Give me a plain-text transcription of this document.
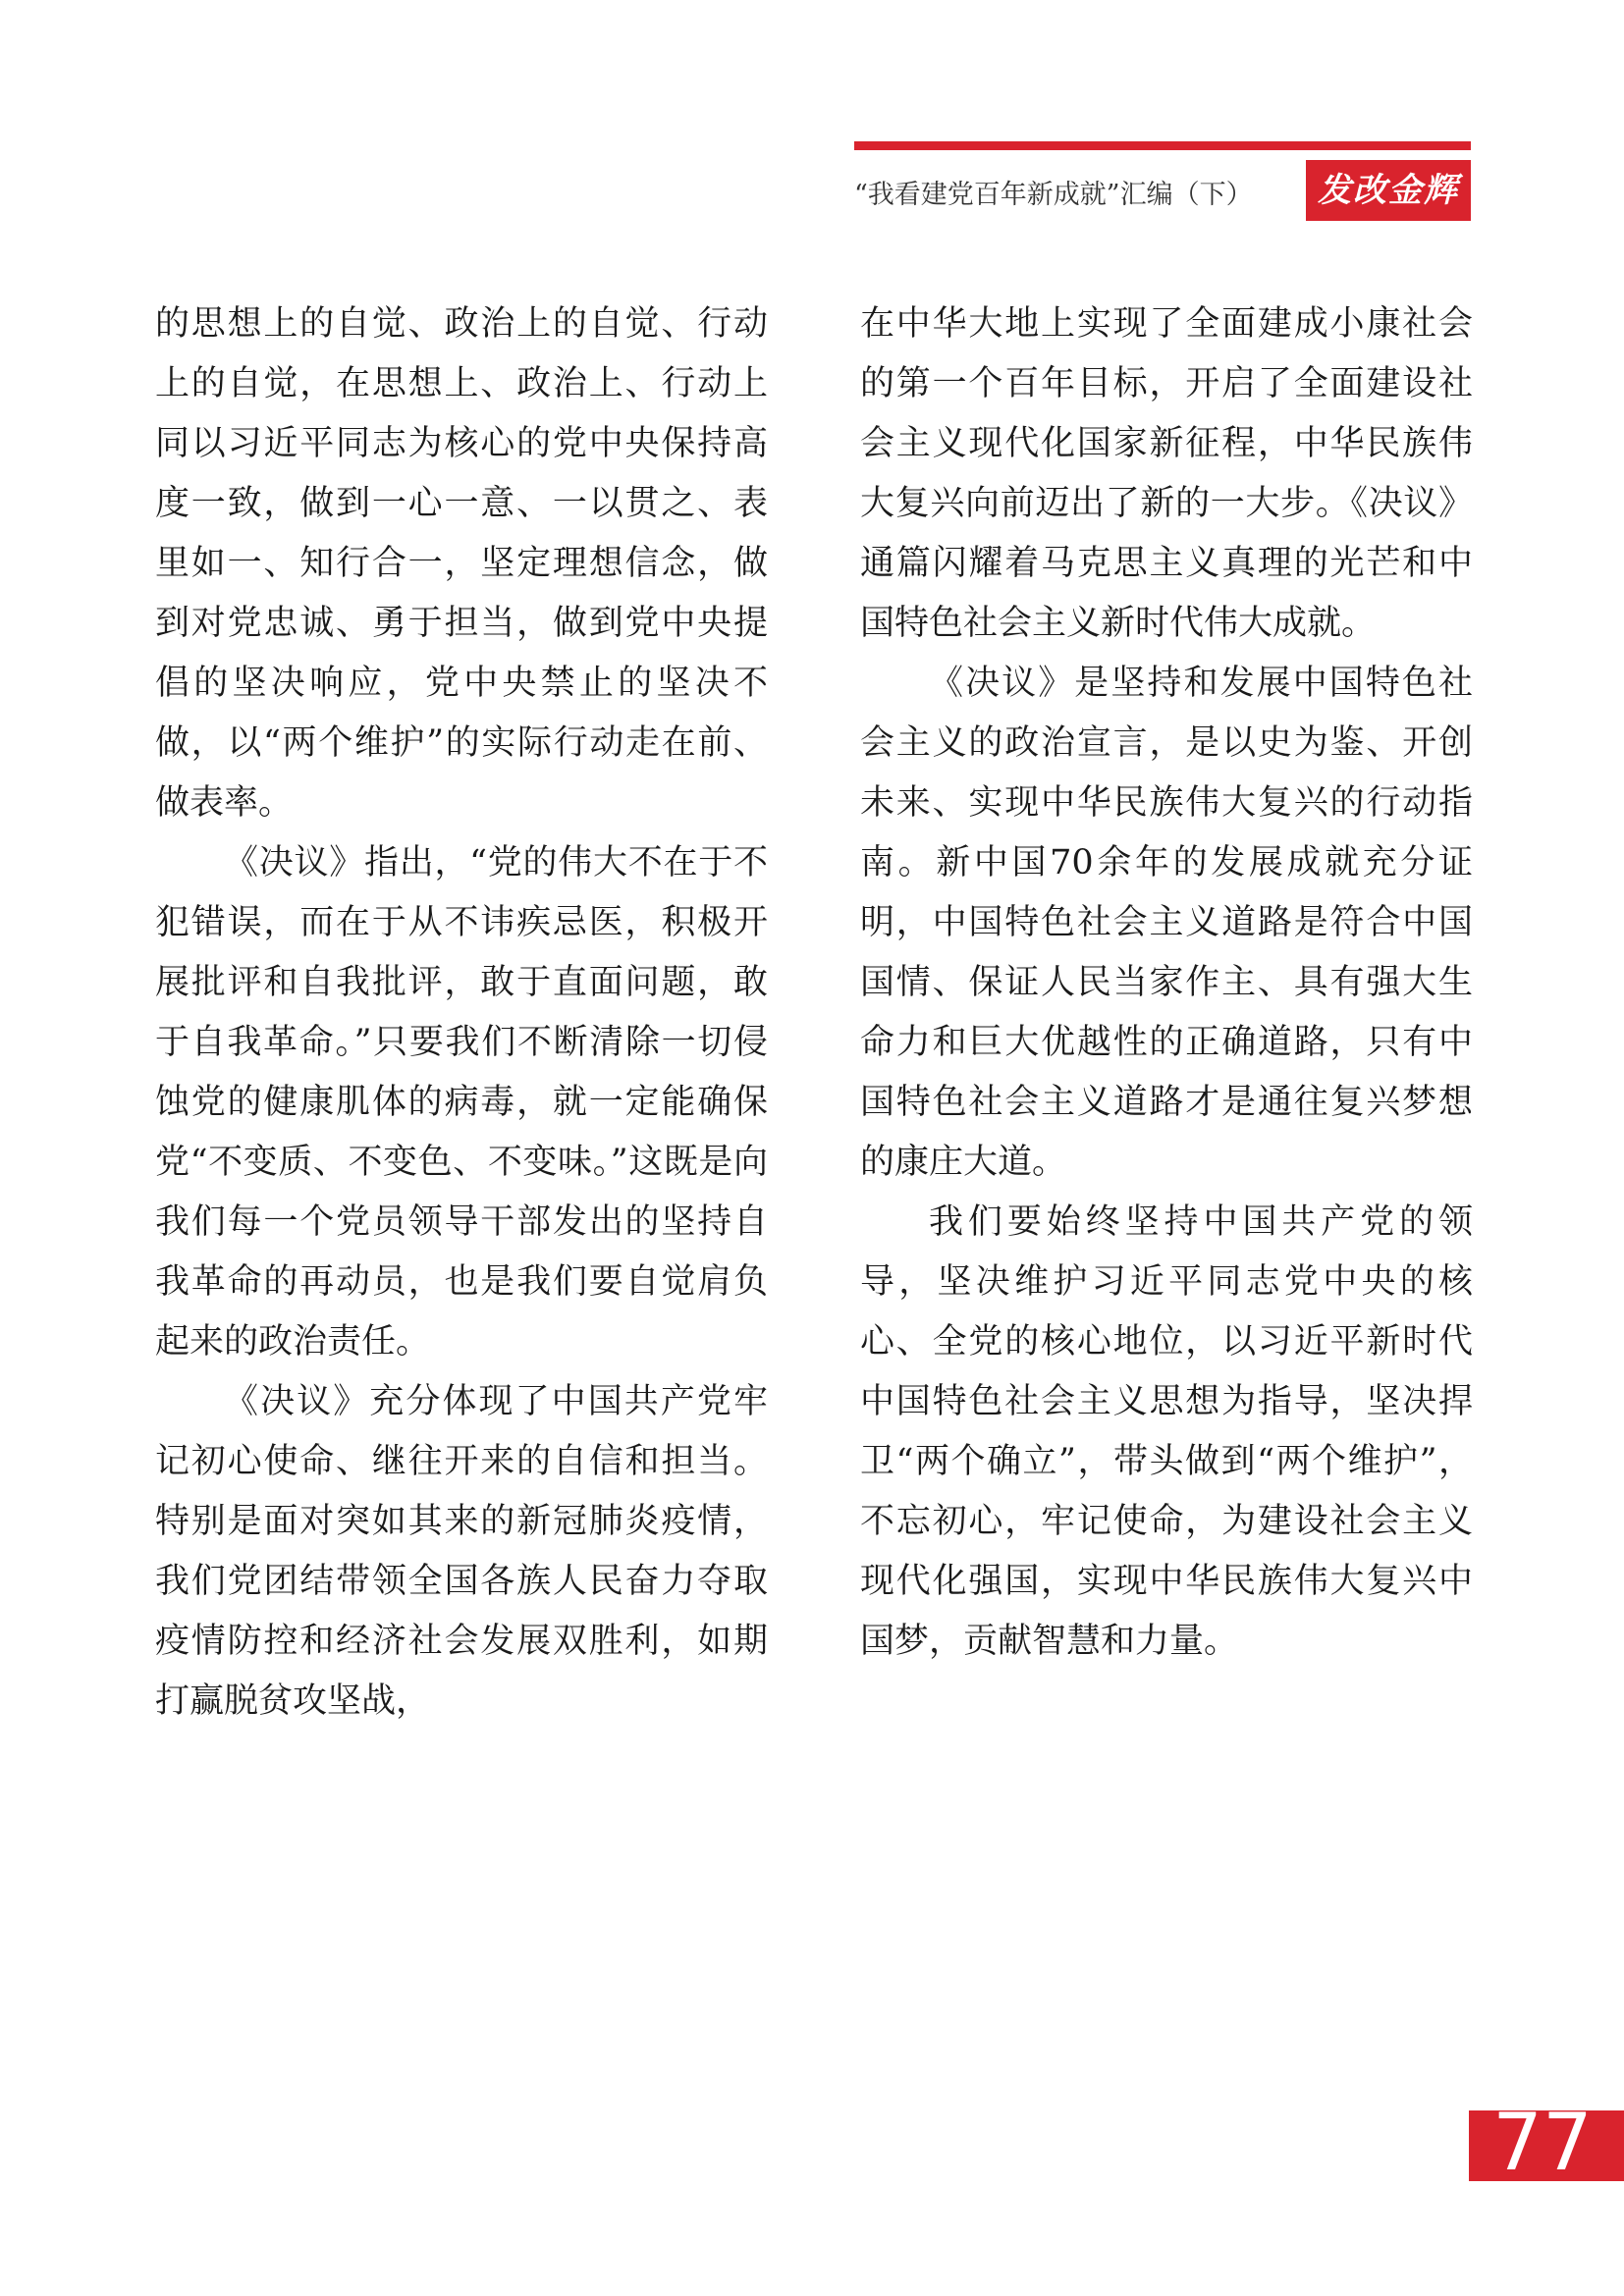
“我看建党百年新成就”汇编（下）	发改金辉

的思想上的自觉、政治上的自觉、行动上的自觉，在思想上、政治上、行动上同以习近平同志为核心的党中央保持高度一致，做到一心一意、一以贯之、表里如一、知行合一，坚定理想信念，做到对党忠诚、勇于担当，做到党中央提倡的坚决响应，党中央禁止的坚决不做，以“两个维护”的实际行动走在前、做表率。

《决议》指出，“党的伟大不在于不犯错误，而在于从不讳疾忌医，积极开展批评和自我批评，敢于直面问题，敢于自我革命。”只要我们不断清除一切侵蚀党的健康肌体的病毒，就一定能确保党“不变质、不变色、不变味。”这既是向我们每一个党员领导干部发出的坚持自我革命的再动员，也是我们要自觉肩负起来的政治责任。

《决议》充分体现了中国共产党牢记初心使命、继往开来的自信和担当。特别是面对突如其来的新冠肺炎疫情，我们党团结带领全国各族人民奋力夺取疫情防控和经济社会发展双胜利，如期打赢脱贫攻坚战，

在中华大地上实现了全面建成小康社会的第一个百年目标，开启了全面建设社会主义现代化国家新征程，中华民族伟大复兴向前迈出了新的一大步。《决议》通篇闪耀着马克思主义真理的光芒和中国特色社会主义新时代伟大成就。

《决议》是坚持和发展中国特色社会主义的政治宣言，是以史为鉴、开创未来、实现中华民族伟大复兴的行动指南。新中国70余年的发展成就充分证明，中国特色社会主义道路是符合中国国情、保证人民当家作主、具有强大生命力和巨大优越性的正确道路，只有中国特色社会主义道路才是通往复兴梦想的康庄大道。

我们要始终坚持中国共产党的领导，坚决维护习近平同志党中央的核心、全党的核心地位，以习近平新时代中国特色社会主义思想为指导，坚决捍卫“两个确立”，带头做到“两个维护”，不忘初心，牢记使命，为建设社会主义现代化强国，实现中华民族伟大复兴中国梦，贡献智慧和力量。

77
